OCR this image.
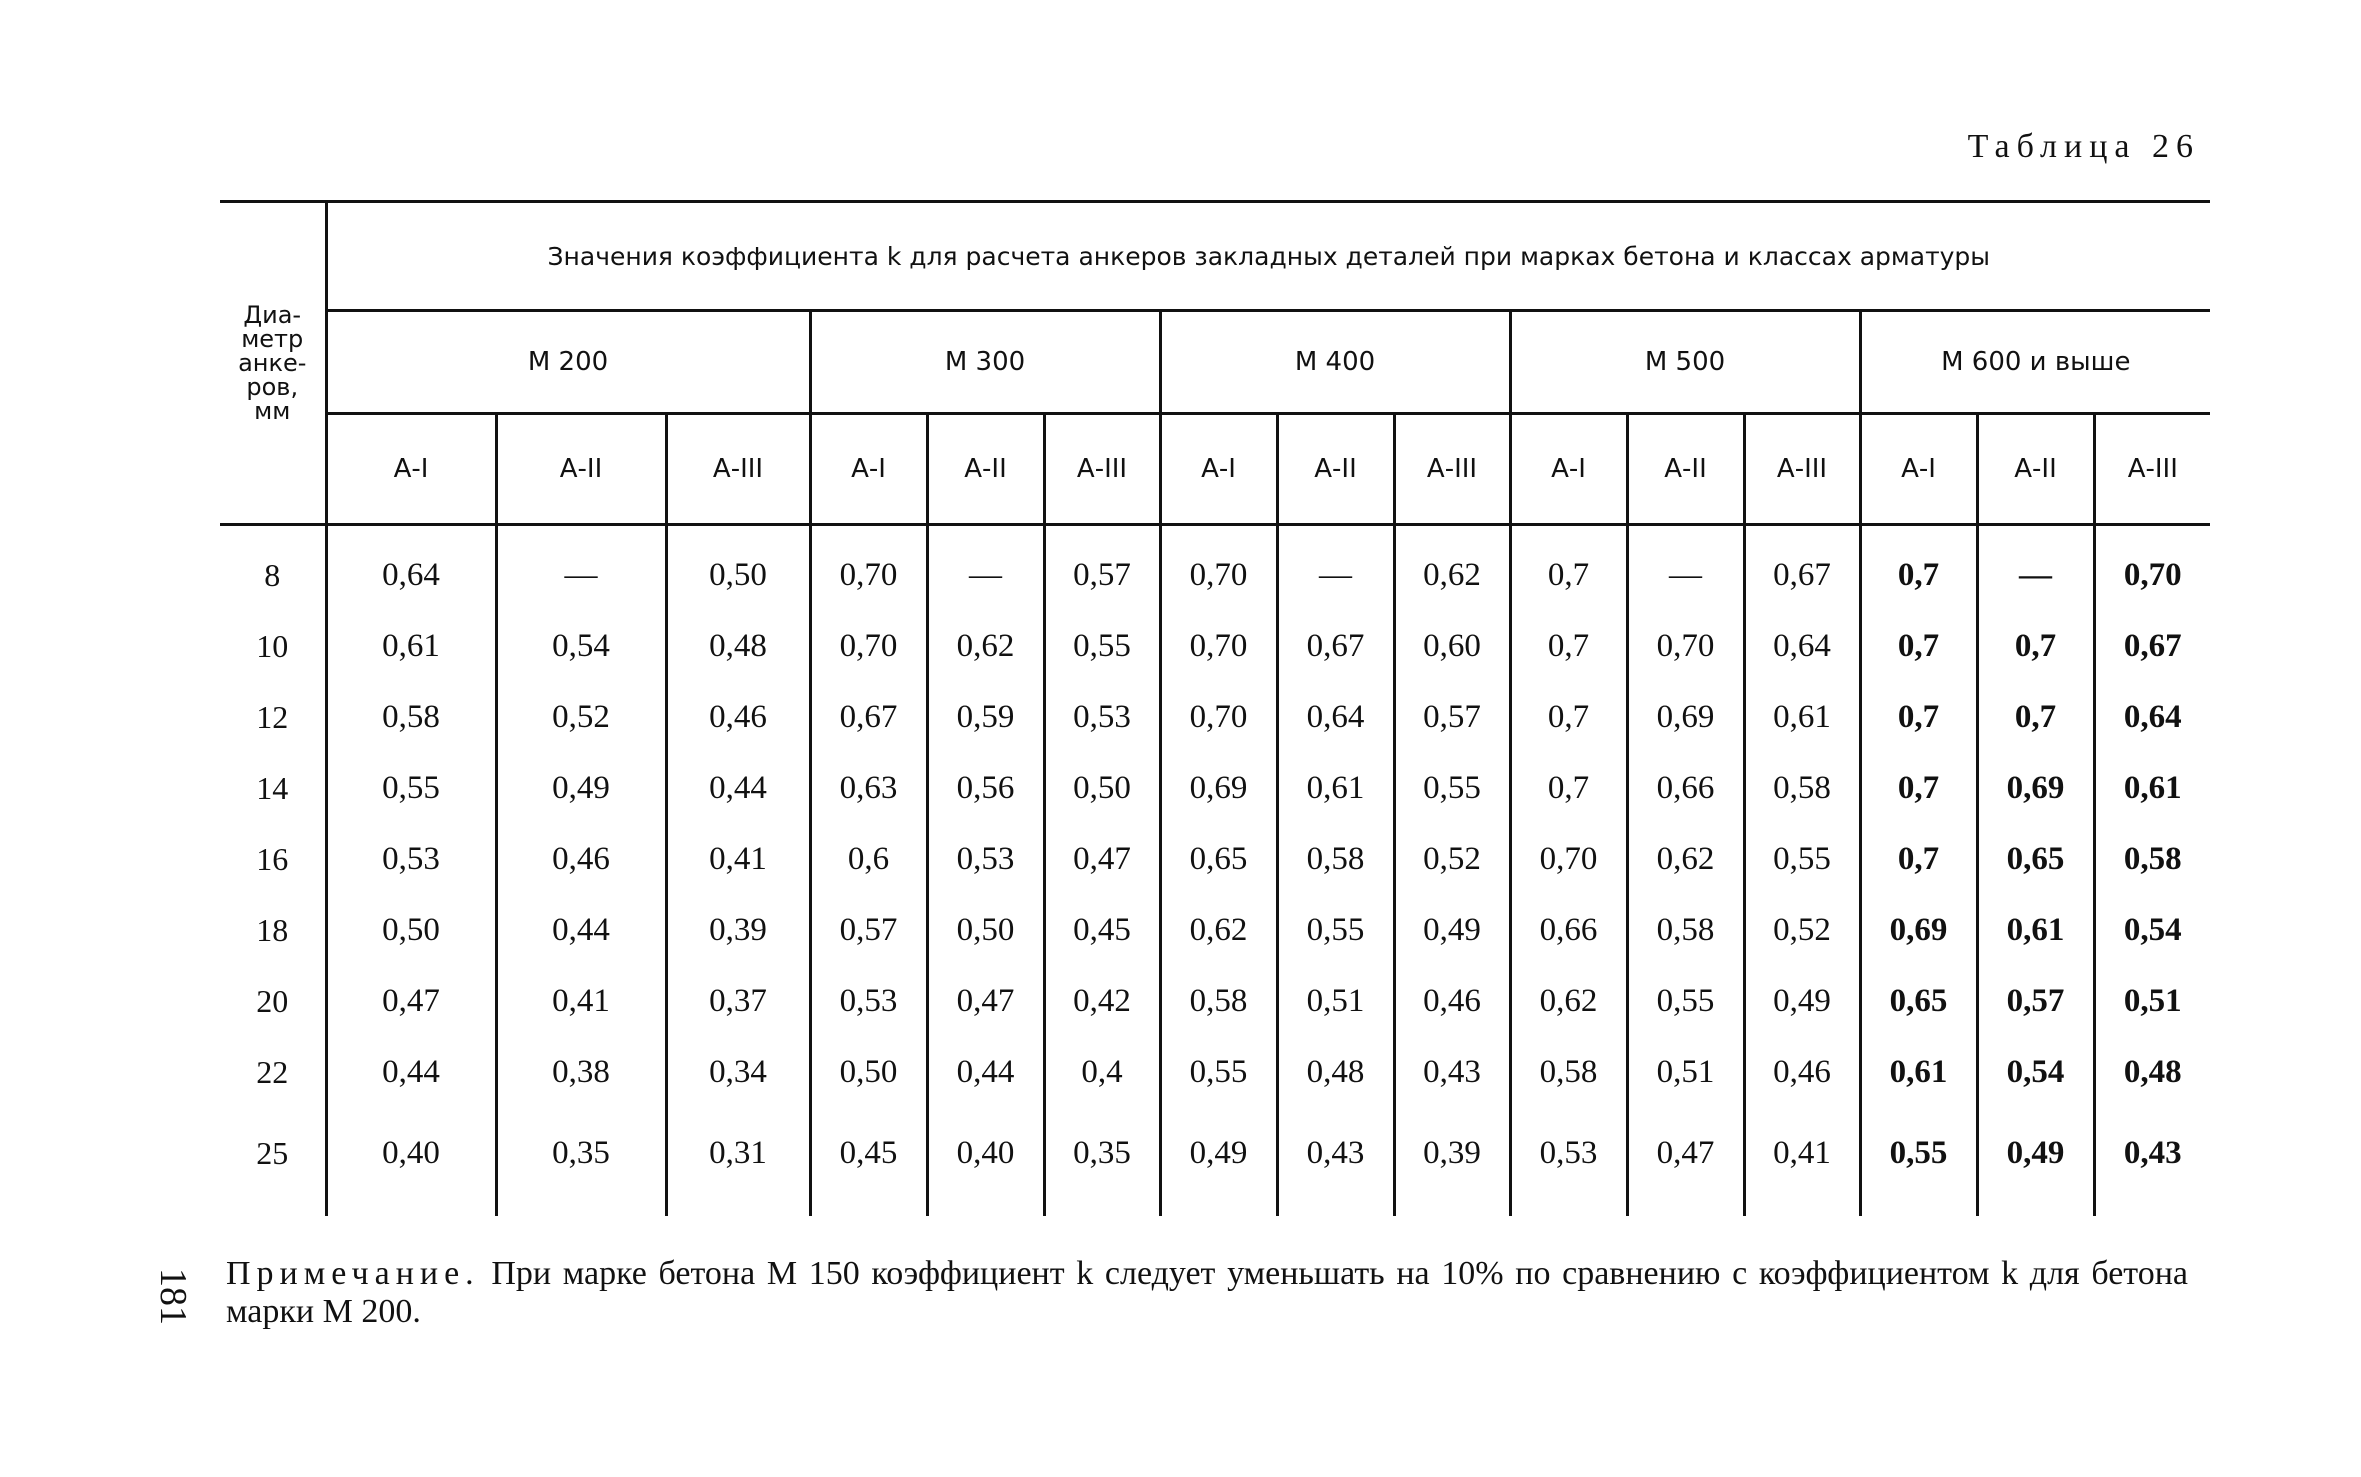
Таблица 26
Диа-
метр
анке-
ров,
мм	Значения коэффициента k для расчета анкеров закладных деталей при марках бетона и классах арматуры														
	М 200			М 300			М 400			М 500			М 600 и выше		
	А-I	А-II	А-III	А-I	А-II	А-III	А-I	А-II	А-III	А-I	А-II	А-III	А-I	А-II	А-III
8	0,64	—	0,50	0,70	—	0,57	0,70	—	0,62	0,7	—	0,67	0,7	—	0,70
10	0,61	0,54	0,48	0,70	0,62	0,55	0,70	0,67	0,60	0,7	0,70	0,64	0,7	0,7	0,67
12	0,58	0,52	0,46	0,67	0,59	0,53	0,70	0,64	0,57	0,7	0,69	0,61	0,7	0,7	0,64
14	0,55	0,49	0,44	0,63	0,56	0,50	0,69	0,61	0,55	0,7	0,66	0,58	0,7	0,69	0,61
16	0,53	0,46	0,41	0,6	0,53	0,47	0,65	0,58	0,52	0,70	0,62	0,55	0,7	0,65	0,58
18	0,50	0,44	0,39	0,57	0,50	0,45	0,62	0,55	0,49	0,66	0,58	0,52	0,69	0,61	0,54
20	0,47	0,41	0,37	0,53	0,47	0,42	0,58	0,51	0,46	0,62	0,55	0,49	0,65	0,57	0,51
22	0,44	0,38	0,34	0,50	0,44	0,4	0,55	0,48	0,43	0,58	0,51	0,46	0,61	0,54	0,48
25	0,40	0,35	0,31	0,45	0,40	0,35	0,49	0,43	0,39	0,53	0,47	0,41	0,55	0,49	0,43
181 Примечание. При марке бетона М 150 коэффициент k следует уменьшать на 10% по сравнению с коэффициентом k для бетона марки М 200.
